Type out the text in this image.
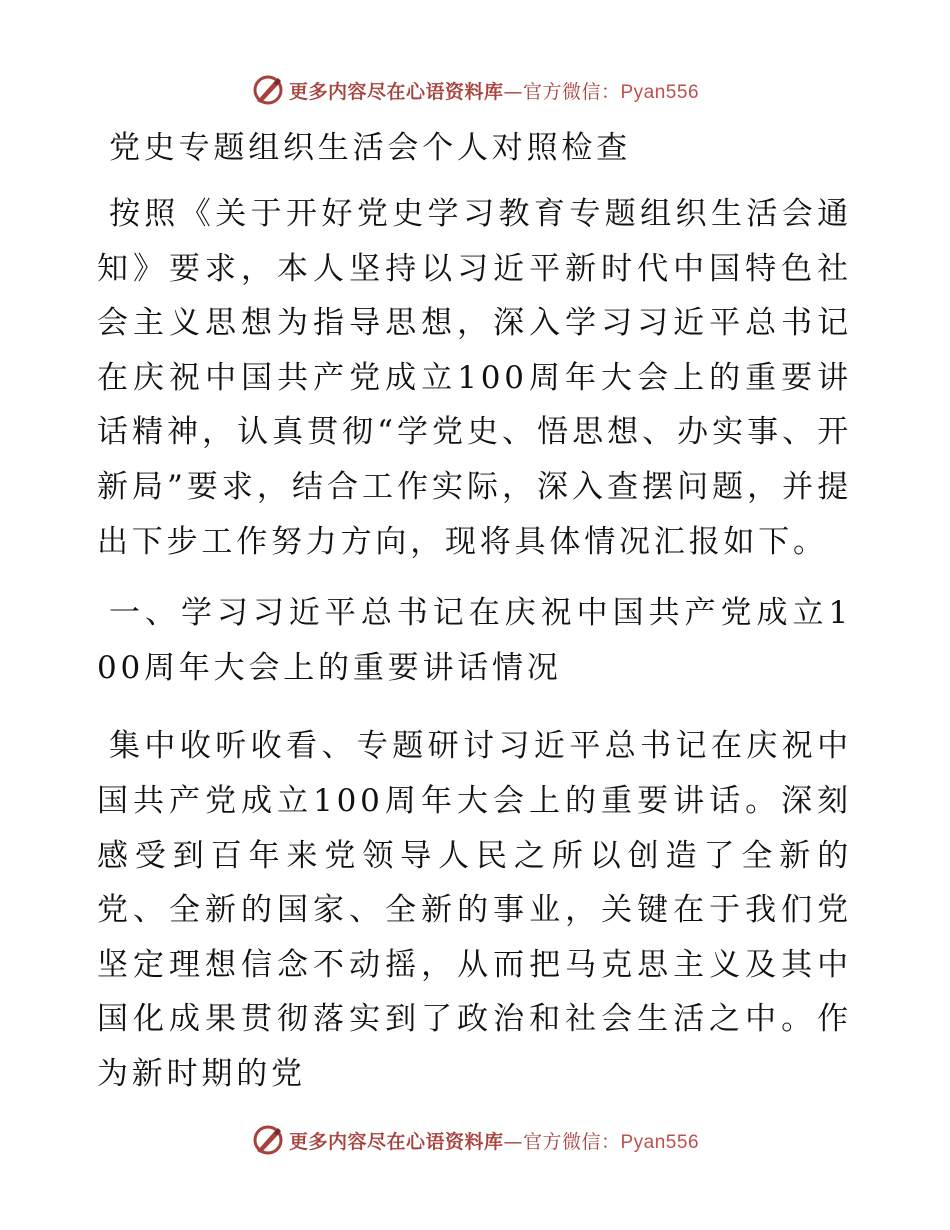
更多内容尽在心语资料库—官方微信：Pyan556
党史专题组织生活会个人对照检查

按照《关于开好党史学习教育专题组织生活会通知》要求，本人坚持以习近平新时代中国特色社会主义思想为指导思想，深入学习习近平总书记在庆祝中国共产党成立100周年大会上的重要讲话精神，认真贯彻“学党史、悟思想、办实事、开新局”要求，结合工作实际，深入查摆问题，并提出下步工作努力方向，现将具体情况汇报如下。

一、学习习近平总书记在庆祝中国共产党成立100周年大会上的重要讲话情况

集中收听收看、专题研讨习近平总书记在庆祝中国共产党成立100周年大会上的重要讲话。深刻感受到百年来党领导人民之所以创造了全新的党、全新的国家、全新的事业，关键在于我们党坚定理想信念不动摇，从而把马克思主义及其中国化成果贯彻落实到了政治和社会生活之中。作为新时期的党

更多内容尽在心语资料库—官方微信：Pyan556
